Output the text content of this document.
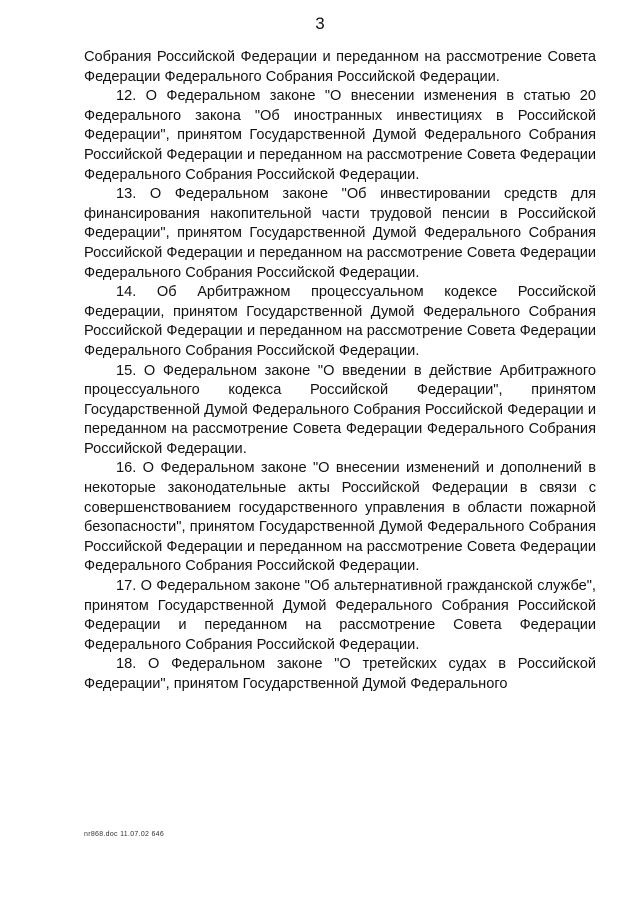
3

Собрания Российской Федерации и переданном на рассмотрение Совета Федерации Федерального Собрания Российской Федерации.

12. О Федеральном законе "О внесении изменения в статью 20 Федерального закона "Об иностранных инвестициях в Российской Федерации", принятом Государственной Думой Федерального Собрания Российской Федерации и переданном на рассмотрение Совета Федерации Федерального Собрания Российской Федерации.

13. О Федеральном законе "Об инвестировании средств для финансирования накопительной части трудовой пенсии в Российской Федерации", принятом Государственной Думой Федерального Собрания Российской Федерации и переданном на рассмотрение Совета Федерации Федерального Собрания Российской Федерации.

14. Об Арбитражном процессуальном кодексе Российской Федерации, принятом Государственной Думой Федерального Собрания Российской Федерации и переданном на рассмотрение Совета Федерации Федерального Собрания Российской Федерации.

15. О Федеральном законе "О введении в действие Арбитражного процессуального кодекса Российской Федерации", принятом Государственной Думой Федерального Собрания Российской Федерации и переданном на рассмотрение Совета Федерации Федерального Собрания Российской Федерации.

16. О Федеральном законе "О внесении изменений и дополнений в некоторые законодательные акты Российской Федерации в связи с совершенствованием государственного управления в области пожарной безопасности", принятом Государственной Думой Федерального Собрания Российской Федерации и переданном на рассмотрение Совета Федерации Федерального Собрания Российской Федерации.

17. О Федеральном законе "Об альтернативной гражданской службе", принятом Государственной Думой Федерального Собрания Российской Федерации и переданном на рассмотрение Совета Федерации Федерального Собрания Российской Федерации.

18. О Федеральном законе "О третейских судах в Российской Федерации", принятом Государственной Думой Федерального

nr868.doc 11.07.02 646
